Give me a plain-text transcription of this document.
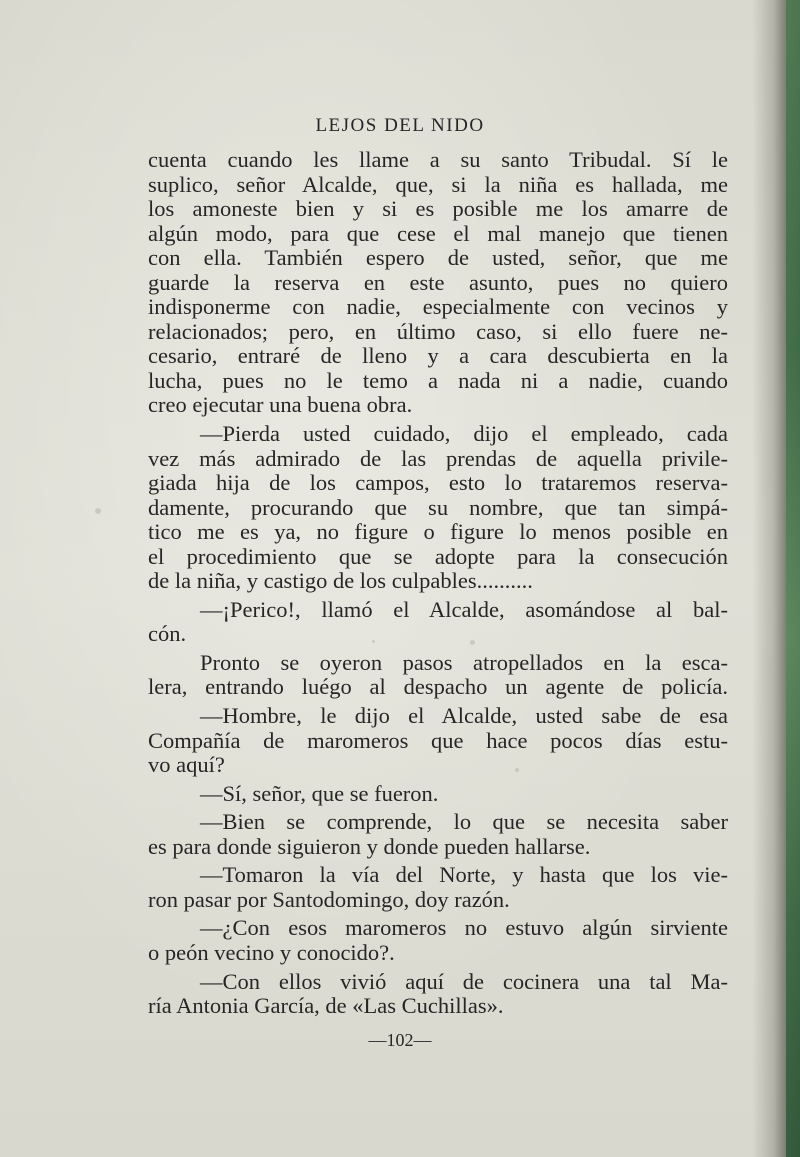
LEJOS DEL NIDO
cuenta cuando les llame a su santo Tribudal. Sí le
suplico, señor Alcalde, que, si la niña es hallada, me
los amoneste bien y si es posible me los amarre de
algún modo, para que cese el mal manejo que tienen
con ella. También espero de usted, señor, que me
guarde la reserva en este asunto, pues no quiero
indisponerme con nadie, especialmente con vecinos y
relacionados; pero, en último caso, si ello fuere ne-
cesario, entraré de lleno y a cara descubierta en la
lucha, pues no le temo a nada ni a nadie, cuando
creo ejecutar una buena obra.
—Pierda usted cuidado, dijo el empleado, cada
vez más admirado de las prendas de aquella privile-
giada hija de los campos, esto lo trataremos reserva-
damente, procurando que su nombre, que tan simpá-
tico me es ya, no figure o figure lo menos posible en
el procedimiento que se adopte para la consecución
de la niña, y castigo de los culpables..........
—¡Perico!, llamó el Alcalde, asomándose al bal-
cón.
Pronto se oyeron pasos atropellados en la esca-
lera, entrando luégo al despacho un agente de policía.
—Hombre, le dijo el Alcalde, usted sabe de esa
Compañía de maromeros que hace pocos días estu-
vo aquí?
—Sí, señor, que se fueron.
—Bien se comprende, lo que se necesita saber
es para donde siguieron y donde pueden hallarse.
—Tomaron la vía del Norte, y hasta que los vie-
ron pasar por Santodomingo, doy razón.
—¿Con esos maromeros no estuvo algún sirviente
o peón vecino y conocido?.
—Con ellos vivió aquí de cocinera una tal Ma-
ría Antonia García, de «Las Cuchillas».
—102—
